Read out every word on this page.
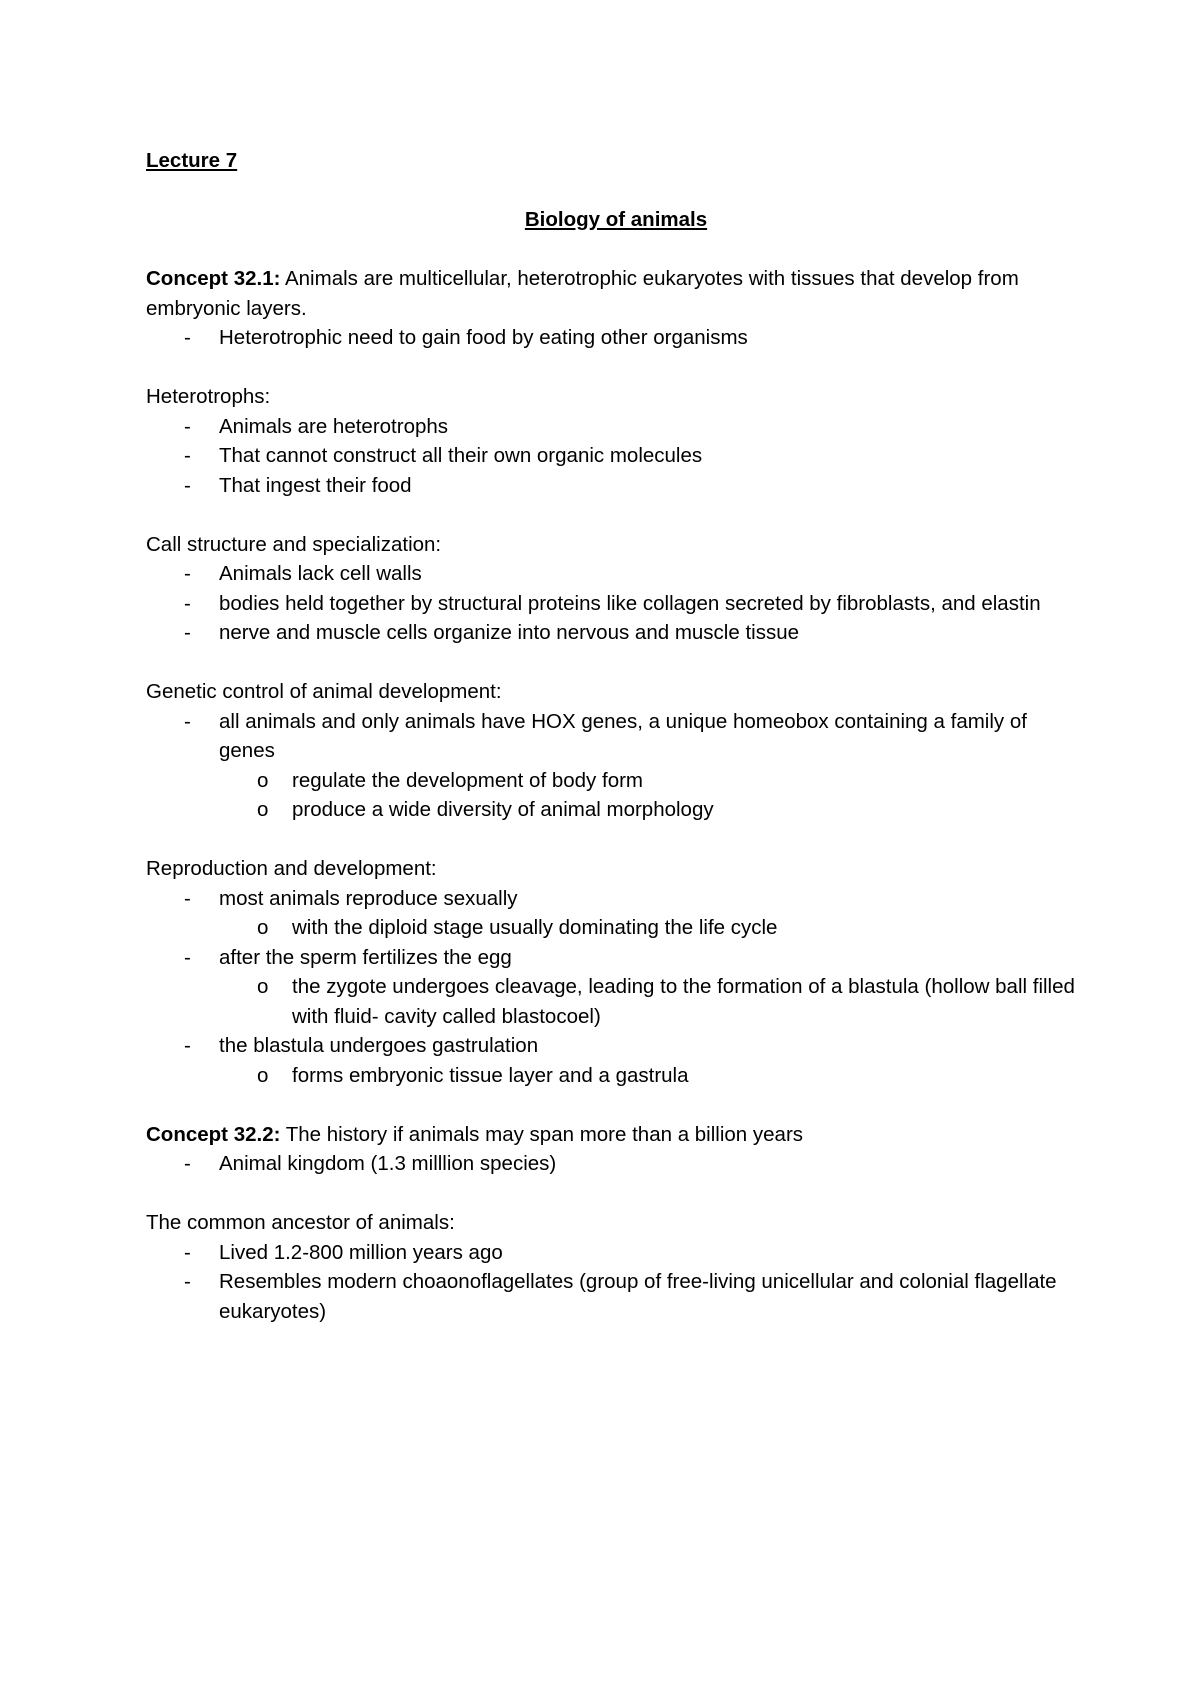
Lecture 7
Biology of animals
Concept 32.1: Animals are multicellular, heterotrophic eukaryotes with tissues that develop from embryonic layers.
- Heterotrophic need to gain food by eating other organisms
Heterotrophs:
- Animals are heterotrophs
- That cannot construct all their own organic molecules
- That ingest their food
Call structure and specialization:
- Animals lack cell walls
- bodies held together by structural proteins like collagen secreted by fibroblasts, and elastin
- nerve and muscle cells organize into nervous and muscle tissue
Genetic control of animal development:
- all animals and only animals have HOX genes, a unique homeobox containing a family of genes
o regulate the development of body form
o produce a wide diversity of animal morphology
Reproduction and development:
- most animals reproduce sexually
o with the diploid stage usually dominating the life cycle
- after the sperm fertilizes the egg
o the zygote undergoes cleavage, leading to the formation of a blastula (hollow ball filled with fluid- cavity called blastocoel)
- the blastula undergoes gastrulation
o forms embryonic tissue layer and a gastrula
Concept 32.2: The history if animals may span more than a billion years
- Animal kingdom (1.3 milllion species)
The common ancestor of animals:
- Lived 1.2-800 million years ago
- Resembles modern choaonoflagellates (group of free-living unicellular and colonial flagellate eukaryotes)
